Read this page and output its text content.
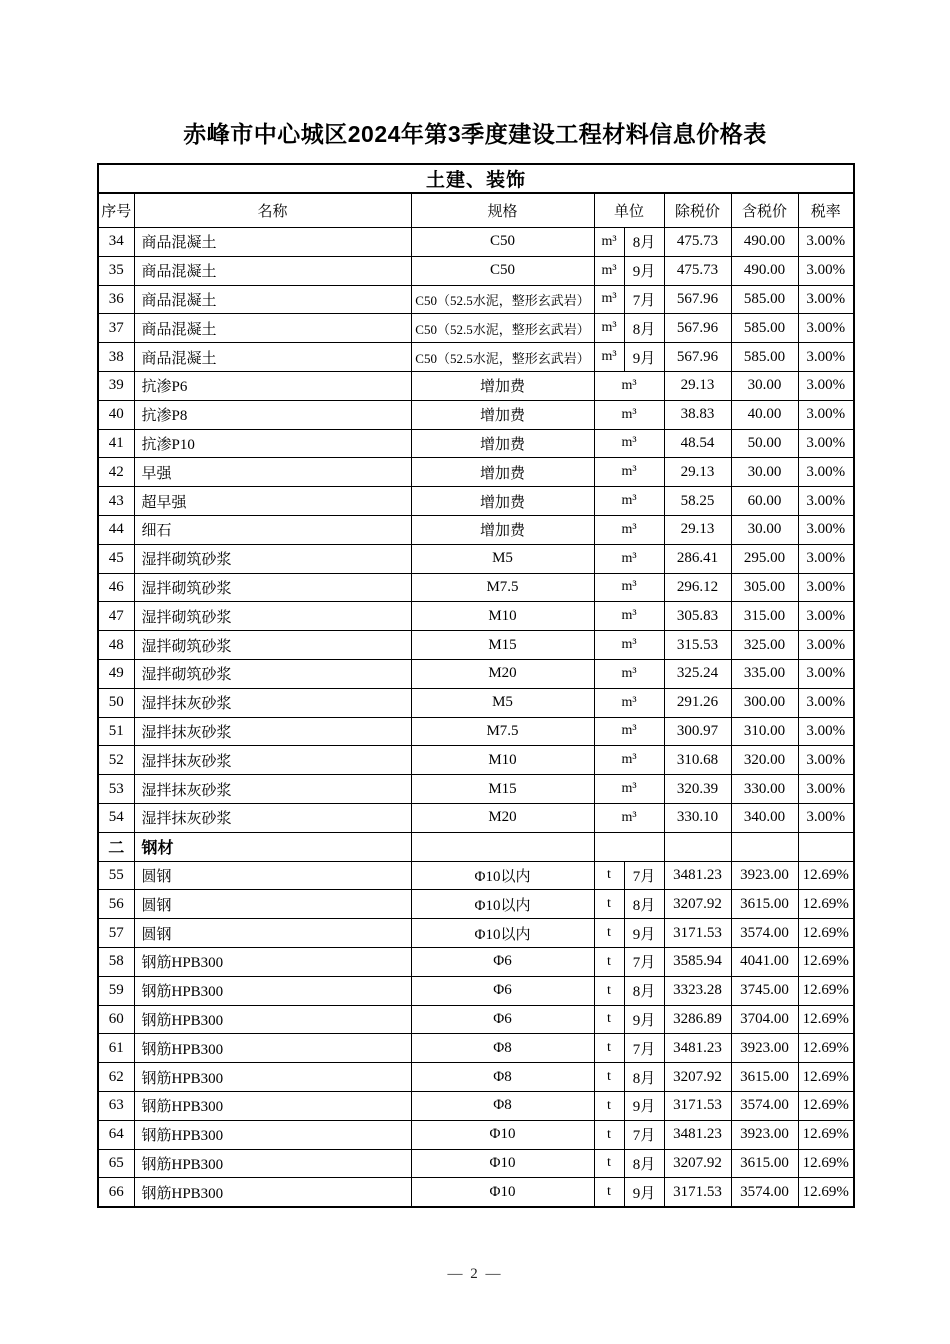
赤峰市中心城区2024年第3季度建设工程材料信息价格表
土建、装饰							
序号	名称	规格	单位		除税价	含税价	税率
34	商品混凝土	C50	m³	8月	475.73	490.00	3.00%
35	商品混凝土	C50	m³	9月	475.73	490.00	3.00%
36	商品混凝土	C50（52.5水泥，整形玄武岩）	m³	7月	567.96	585.00	3.00%
37	商品混凝土	C50（52.5水泥，整形玄武岩）	m³	8月	567.96	585.00	3.00%
38	商品混凝土	C50（52.5水泥，整形玄武岩）	m³	9月	567.96	585.00	3.00%
39	抗渗P6	增加费	m³		29.13	30.00	3.00%
40	抗渗P8	增加费	m³		38.83	40.00	3.00%
41	抗渗P10	增加费	m³		48.54	50.00	3.00%
42	早强	增加费	m³		29.13	30.00	3.00%
43	超早强	增加费	m³		58.25	60.00	3.00%
44	细石	增加费	m³		29.13	30.00	3.00%
45	湿拌砌筑砂浆	M5	m³		286.41	295.00	3.00%
46	湿拌砌筑砂浆	M7.5	m³		296.12	305.00	3.00%
47	湿拌砌筑砂浆	M10	m³		305.83	315.00	3.00%
48	湿拌砌筑砂浆	M15	m³		315.53	325.00	3.00%
49	湿拌砌筑砂浆	M20	m³		325.24	335.00	3.00%
50	湿拌抹灰砂浆	M5	m³		291.26	300.00	3.00%
51	湿拌抹灰砂浆	M7.5	m³		300.97	310.00	3.00%
52	湿拌抹灰砂浆	M10	m³		310.68	320.00	3.00%
53	湿拌抹灰砂浆	M15	m³		320.39	330.00	3.00%
54	湿拌抹灰砂浆	M20	m³		330.10	340.00	3.00%
二	钢材						
55	圆钢	Φ10以内	t	7月	3481.23	3923.00	12.69%
56	圆钢	Φ10以内	t	8月	3207.92	3615.00	12.69%
57	圆钢	Φ10以内	t	9月	3171.53	3574.00	12.69%
58	钢筋HPB300	Φ6	t	7月	3585.94	4041.00	12.69%
59	钢筋HPB300	Φ6	t	8月	3323.28	3745.00	12.69%
60	钢筋HPB300	Φ6	t	9月	3286.89	3704.00	12.69%
61	钢筋HPB300	Φ8	t	7月	3481.23	3923.00	12.69%
62	钢筋HPB300	Φ8	t	8月	3207.92	3615.00	12.69%
63	钢筋HPB300	Φ8	t	9月	3171.53	3574.00	12.69%
64	钢筋HPB300	Φ10	t	7月	3481.23	3923.00	12.69%
65	钢筋HPB300	Φ10	t	8月	3207.92	3615.00	12.69%
66	钢筋HPB300	Φ10	t	9月	3171.53	3574.00	12.69%
— 2 —
